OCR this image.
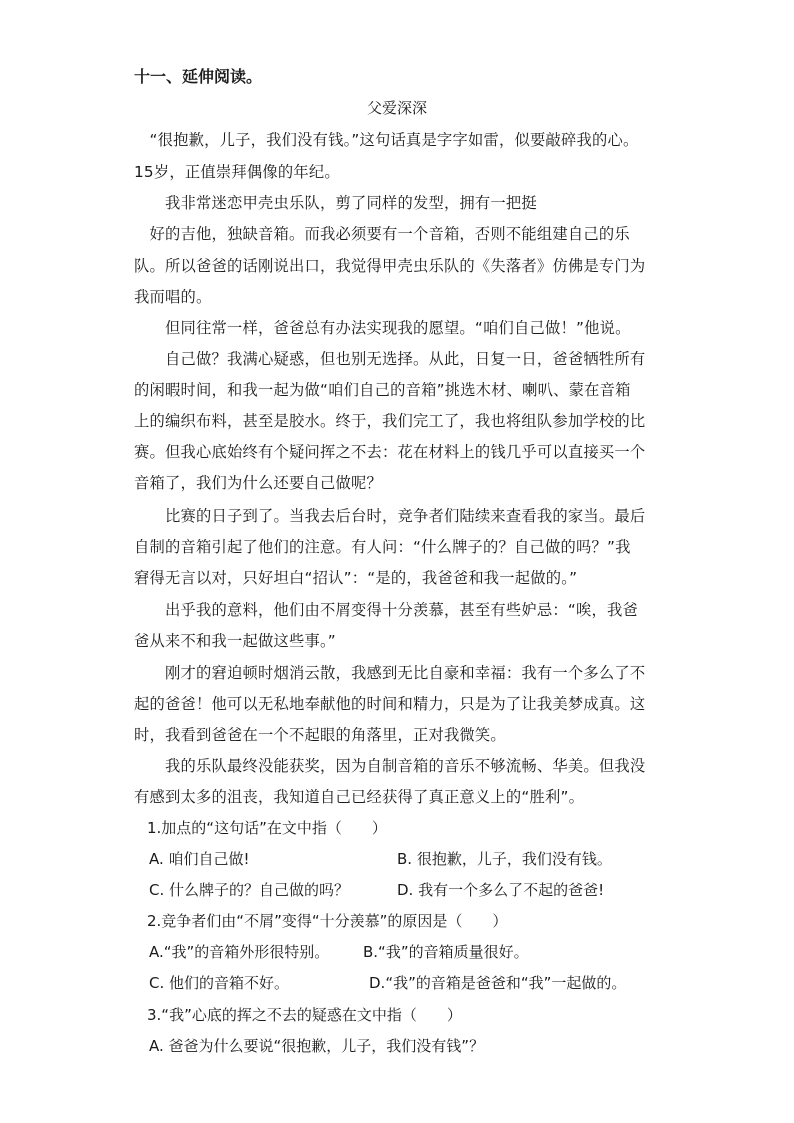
十一、延伸阅读。

父爱深深

　“很抱歉，儿子，我们没有钱。”这句话真是字字如雷，似要敲碎我的心。

15岁，正值崇拜偶像的年纪。

　　我非常迷恋甲壳虫乐队，剪了同样的发型，拥有一把挺

　好的吉他，独缺音箱。而我必须要有一个音箱，否则不能组建自己的乐

队。所以爸爸的话刚说出口，我觉得甲壳虫乐队的《失落者》仿佛是专门为

我而唱的。

　　但同往常一样，爸爸总有办法实现我的愿望。“咱们自己做！”他说。

　　自己做？我满心疑惑，但也别无选择。从此，日复一日，爸爸牺牲所有

的闲暇时间，和我一起为做“咱们自己的音箱”挑选木材、喇叭、蒙在音箱

上的编织布料，甚至是胶水。终于，我们完工了，我也将组队参加学校的比

赛。但我心底始终有个疑问挥之不去：花在材料上的钱几乎可以直接买一个

音箱了，我们为什么还要自己做呢？

　　比赛的日子到了。当我去后台时，竞争者们陆续来查看我的家当。最后

自制的音箱引起了他们的注意。有人问：“什么牌子的？自己做的吗？”我

窘得无言以对，只好坦白“招认”：“是的，我爸爸和我一起做的。”

　　出乎我的意料，他们由不屑变得十分羡慕，甚至有些妒忌：“唉，我爸

爸从来不和我一起做这些事。”

　　刚才的窘迫顿时烟消云散，我感到无比自豪和幸福：我有一个多么了不

起的爸爸！他可以无私地奉献他的时间和精力，只是为了让我美梦成真。这

时，我看到爸爸在一个不起眼的角落里，正对我微笑。

　　我的乐队最终没能获奖，因为自制音箱的音乐不够流畅、华美。但我没

有感到太多的沮丧，我知道自己已经获得了真正意义上的“胜利”。

1.加点的“这句话”在文中指（　　）

A. 咱们自己做!	B. 很抱歉，儿子，我们没有钱。

C. 什么牌子的？自己做的吗？	D. 我有一个多么了不起的爸爸!

2.竞争者们由“不屑”变得“十分羡慕”的原因是（　　）

A.“我”的音箱外形很特别。 B.“我”的音箱质量很好。

C. 他们的音箱不好。	D.“我”的音箱是爸爸和“我”一起做的。

3.“我”心底的挥之不去的疑惑在文中指（　　）

A. 爸爸为什么要说“很抱歉，儿子，我们没有钱”？
